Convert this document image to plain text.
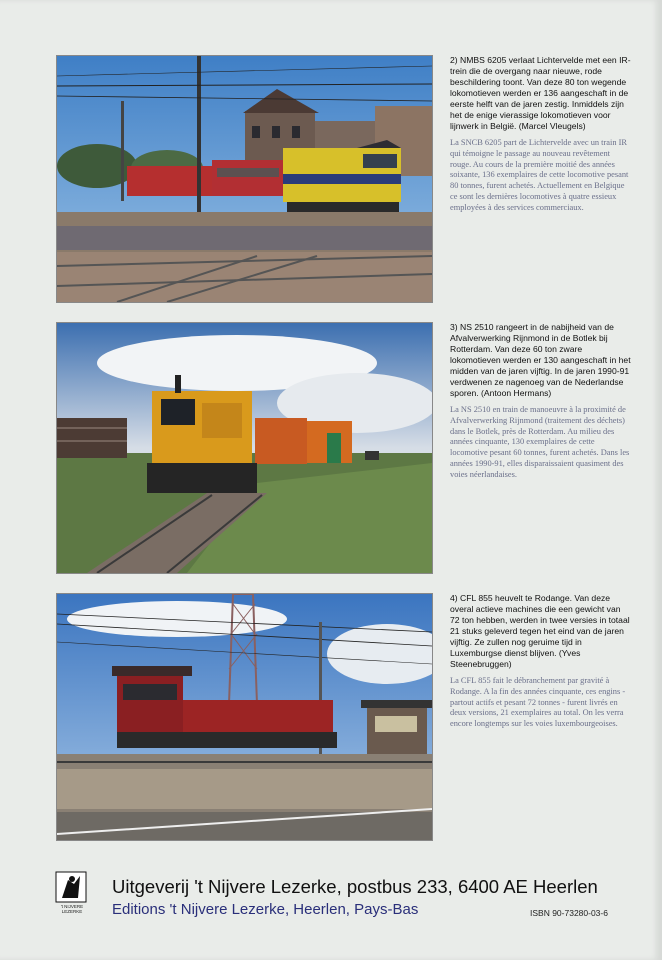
2) NMBS 6205 verlaat Lichtervelde met een IR-trein die de overgang naar nieuwe, rode beschildering toont. Van deze 80 ton wegende lokomotieven werden er 136 aangeschaft in de eerste helft van de jaren zestig. Inmiddels zijn het de enige vierassige lokomotieven voor lijnwerk in België. (Marcel Vleugels)

La SNCB 6205 part de Lichtervelde avec un train IR qui témoigne le passage au nouveau revêtement rouge. Au cours de la première moitié des années soixante, 136 exemplaires de cette locomotive pesant 80 tonnes, furent achetés. Actuellement en Belgique ce sont les dernières locomotives à quatre essieux employées à des services commerciaux.

3) NS 2510 rangeert in de nabijheid van de Afvalverwerking Rijnmond in de Botlek bij Rotterdam. Van deze 60 ton zware lokomotieven werden er 130 aangeschaft in het midden van de jaren vijftig. In de jaren 1990-91 verdwenen ze nagenoeg van de Nederlandse sporen. (Antoon Hermans)

La NS 2510 en train de manoeuvre à la proximité de Afvalverwerking Rijnmond (traitement des déchets) dans le Botlek, près de Rotterdam. Au milieu des années cinquante, 130 exemplaires de cette locomotive pesant 60 tonnes, furent achetés. Dans les années 1990-91, elles disparaissaient quasiment des voies néerlandaises.

4) CFL 855 heuvelt te Rodange. Van deze overal actieve machines die een gewicht van 72 ton hebben, werden in twee versies in totaal 21 stuks geleverd tegen het eind van de jaren vijftig. Ze zullen nog geruime tijd in Luxemburgse dienst blijven. (Yves Steenebruggen)

La CFL 855 fait le débranchement par gravité à Rodange. A la fin des années cinquante, ces engins - partout actifs et pesant 72 tonnes - furent livrés en deux versions, 21 exemplaires au total. On les verra encore longtemps sur les voies luxembourgeoises.

't NIJVERE LEZERKE
Uitgeverij 't Nijvere Lezerke, postbus 233, 6400 AE Heerlen
Editions 't Nijvere Lezerke, Heerlen, Pays-Bas	ISBN 90-73280-03-6
